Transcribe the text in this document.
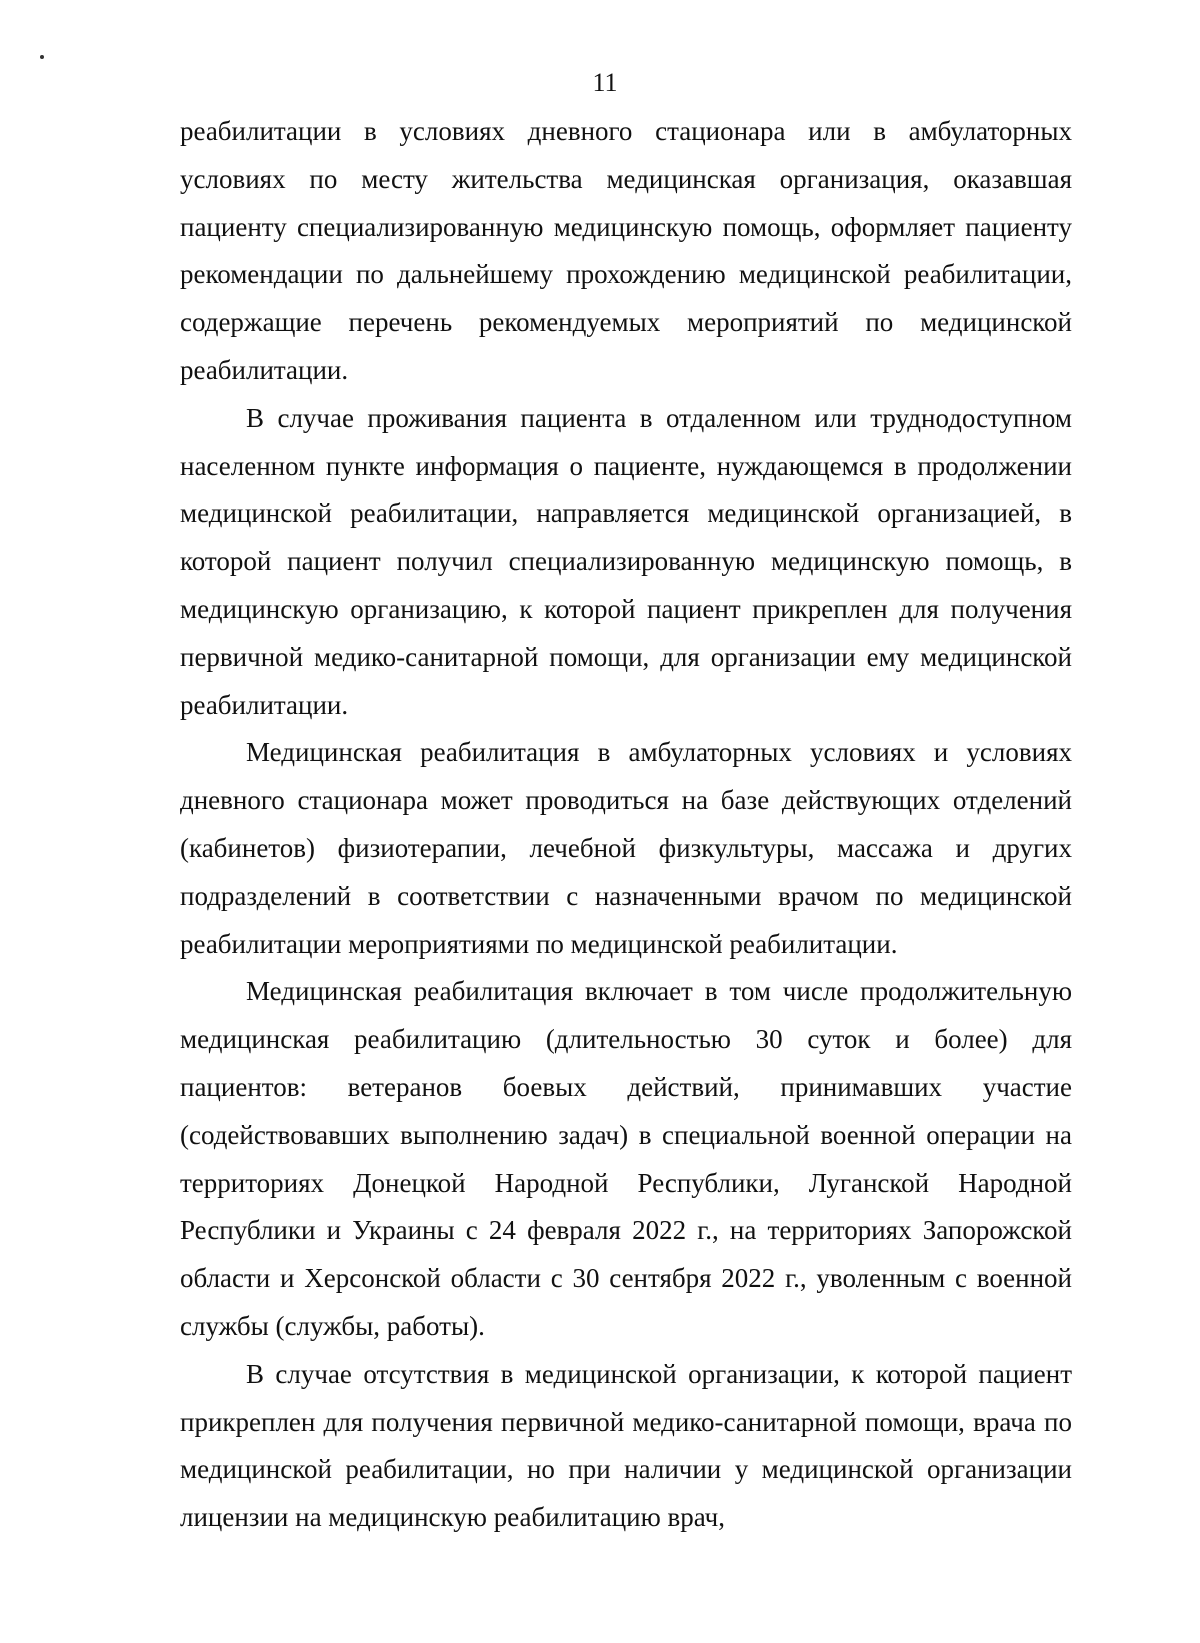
11

реабилитации в условиях дневного стационара или в амбулаторных условиях по месту жительства медицинская организация, оказавшая пациенту специализированную медицинскую помощь, оформляет пациенту рекомендации по дальнейшему прохождению медицинской реабилитации, содержащие перечень рекомендуемых мероприятий по медицинской реабилитации.

В случае проживания пациента в отдаленном или труднодоступном населенном пункте информация о пациенте, нуждающемся в продолжении медицинской реабилитации, направляется медицинской организацией, в которой пациент получил специализированную медицинскую помощь, в медицинскую организацию, к которой пациент прикреплен для получения первичной медико-санитарной помощи, для организации ему медицинской реабилитации.

Медицинская реабилитация в амбулаторных условиях и условиях дневного стационара может проводиться на базе действующих отделений (кабинетов) физиотерапии, лечебной физкультуры, массажа и других подразделений в соответствии с назначенными врачом по медицинской реабилитации мероприятиями по медицинской реабилитации.

Медицинская реабилитация включает в том числе продолжительную медицинская реабилитацию (длительностью 30 суток и более) для пациентов: ветеранов боевых действий, принимавших участие (содействовавших выполнению задач) в специальной военной операции на территориях Донецкой Народной Республики, Луганской Народной Республики и Украины с 24 февраля 2022 г., на территориях Запорожской области и Херсонской области с 30 сентября 2022 г., уволенным с военной службы (службы, работы).

В случае отсутствия в медицинской организации, к которой пациент прикреплен для получения первичной медико-санитарной помощи, врача по медицинской реабилитации, но при наличии у медицинской организации лицензии на медицинскую реабилитацию врач,
